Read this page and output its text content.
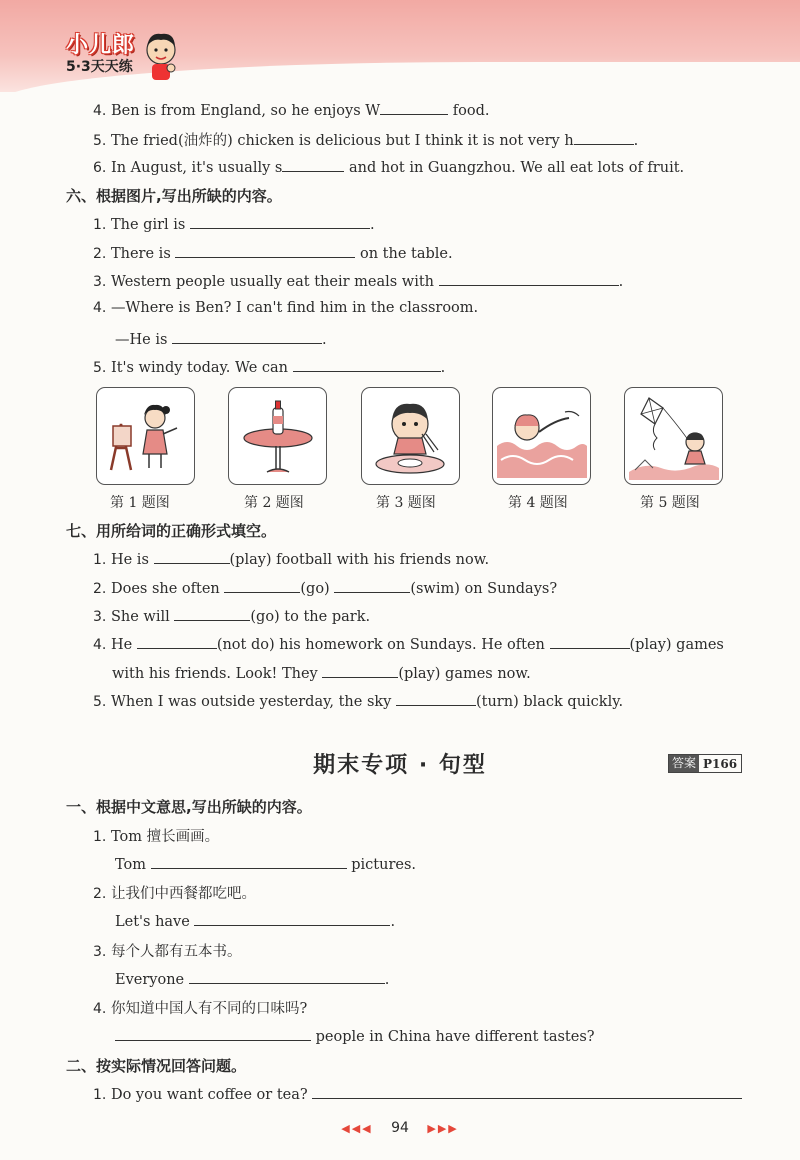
小儿郎
5·3天天练
4. Ben is from England, so he enjoys W	food.
5. The fried(油炸的) chicken is delicious but I think it is not very h	.
6. In August, it's usually s	and hot in Guangzhou. We all eat lots of fruit.
六、根据图片,写出所缺的内容。
1. The girl is	.
2. There is	on the table.
3. Western people usually eat their meals with	.
4. —Where is Ben? I can't find him in the classroom.
—He is	.
5. It's windy today. We can	.
第 1 题图	第 2 题图	第 3 题图	第 4 题图	第 5 题图
七、用所给词的正确形式填空。
1. He is	(play) football with his friends now.
2. Does she often	(go)	(swim) on Sundays?
3. She will	(go) to the park.
4. He	(not do) his homework on Sundays. He often	(play) games
with his friends. Look! They	(play) games now.
5. When I was outside yesterday, the sky	(turn) black quickly.
期末专项 · 句型	答案 P166
一、根据中文意思,写出所缺的内容。
1. Tom 擅长画画。
Tom	pictures.
2. 让我们中西餐都吃吧。
Let's have	.
3. 每个人都有五本书。
Everyone	.
4. 你知道中国人有不同的口味吗?
people in China have different tastes?
二、按实际情况回答问题。
1. Do you want coffee or tea?
◀◀◀ 94 ▶▶▶
